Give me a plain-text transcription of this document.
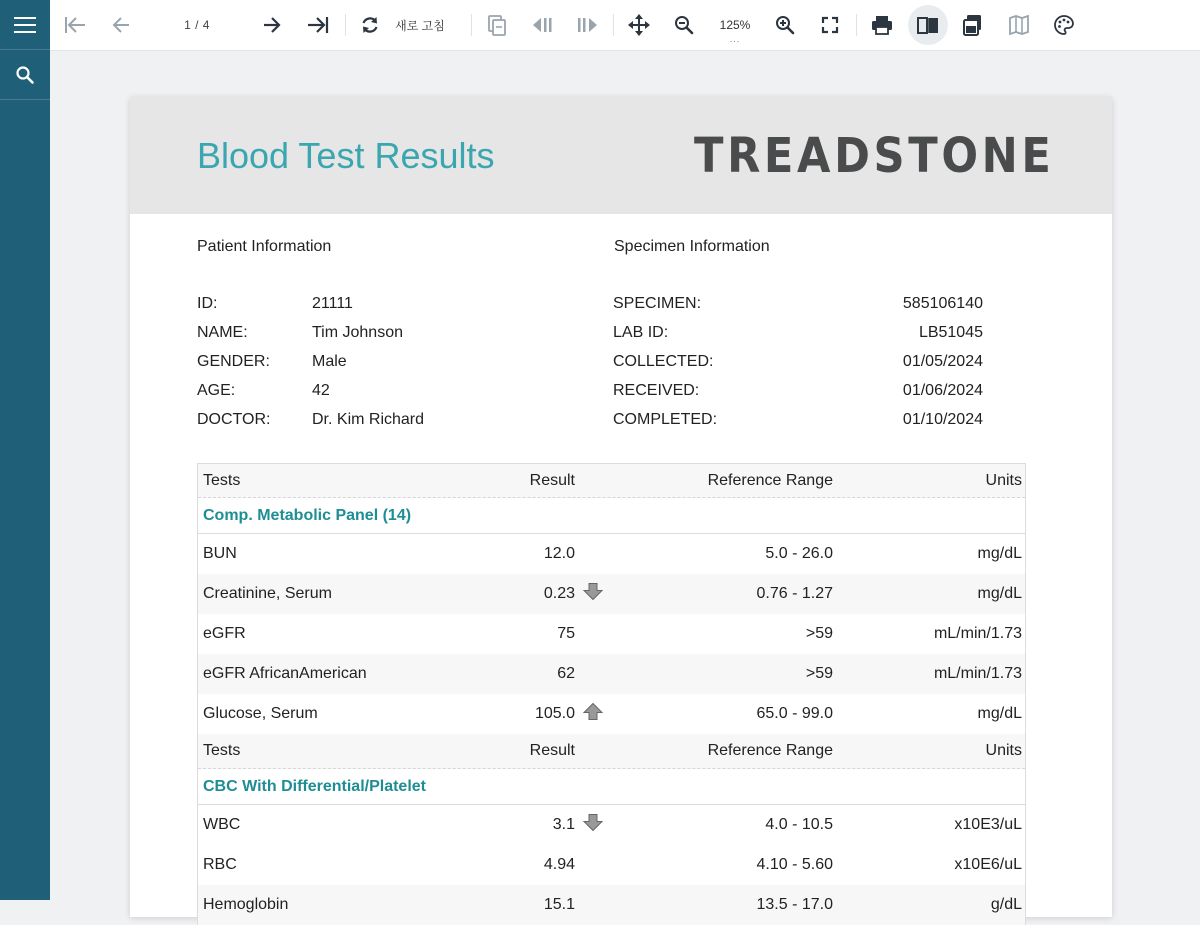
1 / 4	새로 고침	125%
...
Blood Test Results	TREADSTONE
Patient Information	Specimen Information
ID:	21111
NAME:	Tim Johnson
GENDER:	Male
AGE:	42
DOCTOR:	Dr. Kim Richard
SPECIMEN:	585106140
LAB ID:	LB51045
COLLECTED:	01/05/2024
RECEIVED:	01/06/2024
COMPLETED:	01/10/2024
Tests	Result	Reference Range	Units
Comp. Metabolic Panel (14)
BUN	12.0	5.0 - 26.0	mg/dL
Creatinine, Serum	0.23	0.76 - 1.27	mg/dL
eGFR	75	>59	mL/min/1.73
eGFR AfricanAmerican	62	>59	mL/min/1.73
Glucose, Serum	105.0	65.0 - 99.0	mg/dL
Tests	Result	Reference Range	Units
CBC With Differential/Platelet
WBC	3.1	4.0 - 10.5	x10E3/uL
RBC	4.94	4.10 - 5.60	x10E6/uL
Hemoglobin	15.1	13.5 - 17.0	g/dL
